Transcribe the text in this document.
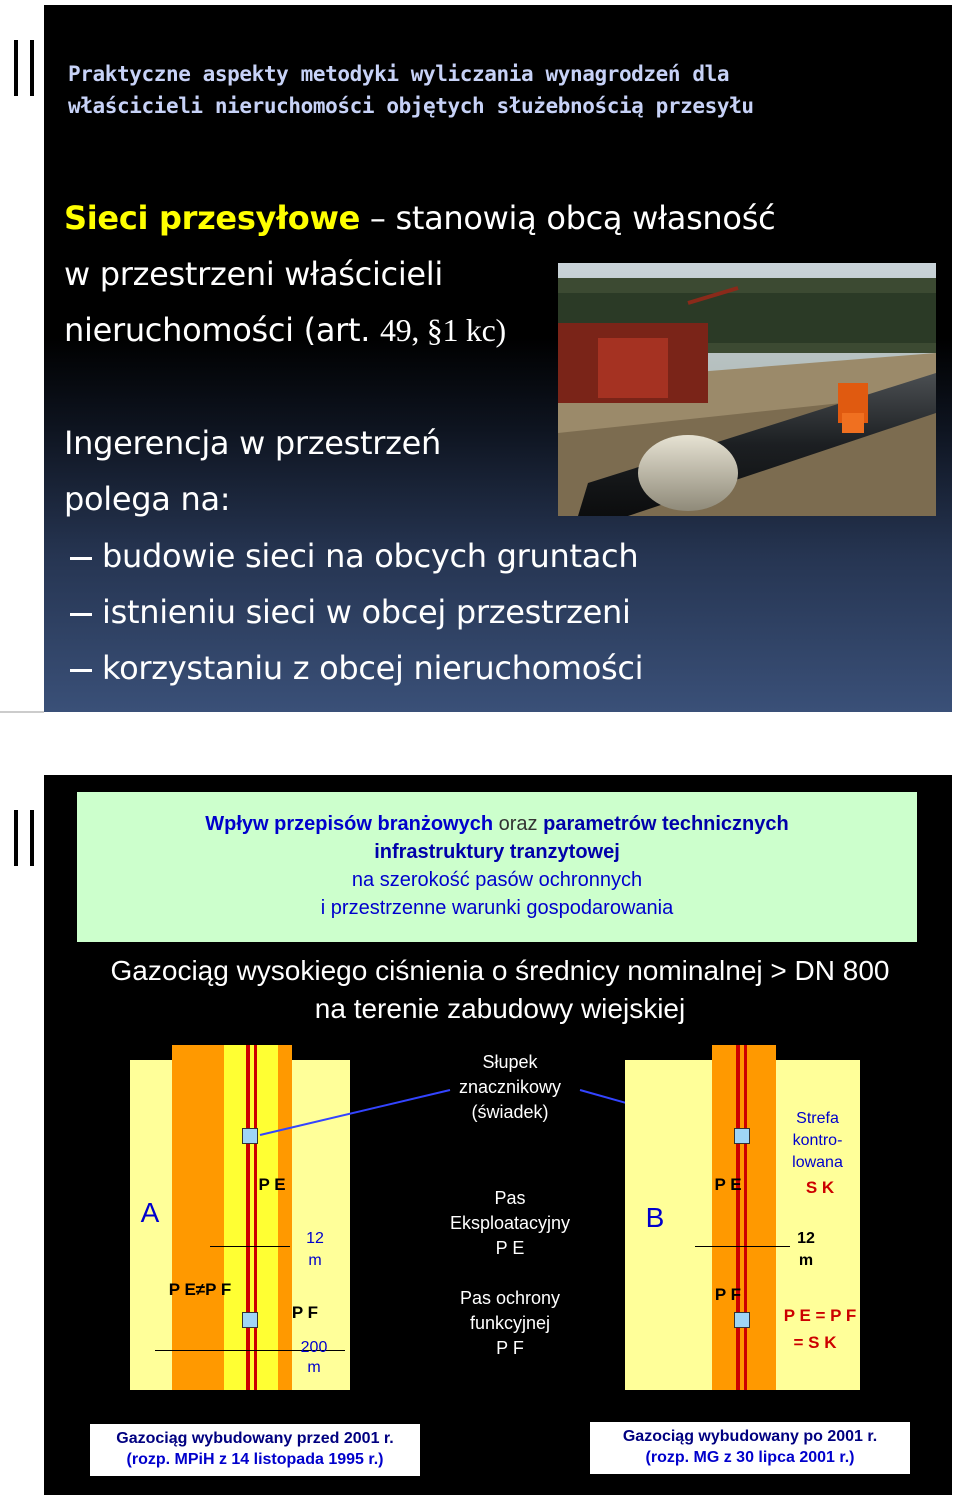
Praktyczne aspekty metodyki wyliczania wynagrodzeń dla
właścicieli nieruchomości objętych służebnością przesyłu
Sieci przesyłowe – stanowią obcą własność
w przestrzeni właścicieli
nieruchomości (art. 49, §1 kc)
Ingerencja w przestrzeń
polega na:
budowie sieci na obcych gruntach
istnieniu sieci w obcej przestrzeni
korzystaniu z obcej nieruchomości
Wpływ przepisów branżowych oraz parametrów technicznych
infrastruktury tranzytowej
na szerokość pasów ochronnych
i przestrzenne warunki gospodarowania
Gazociąg wysokiego ciśnienia o średnicy nominalnej > DN 800
na terenie zabudowy wiejskiej
A
P E≠P F
P E
P F
12
m
200
m
Słupek
znacznikowy
(świadek)
Pas
Eksploatacyjny
P E
Pas ochrony
funkcyjnej
P F
B
P E
P F
Strefa
kontro-
lowana
S K
12
m
P E = P F
= S K
Gazociąg wybudowany przed 2001 r.
(rozp. MPiH z 14 listopada 1995 r.)
Gazociąg wybudowany po 2001 r.
(rozp. MG z 30 lipca 2001 r.)
